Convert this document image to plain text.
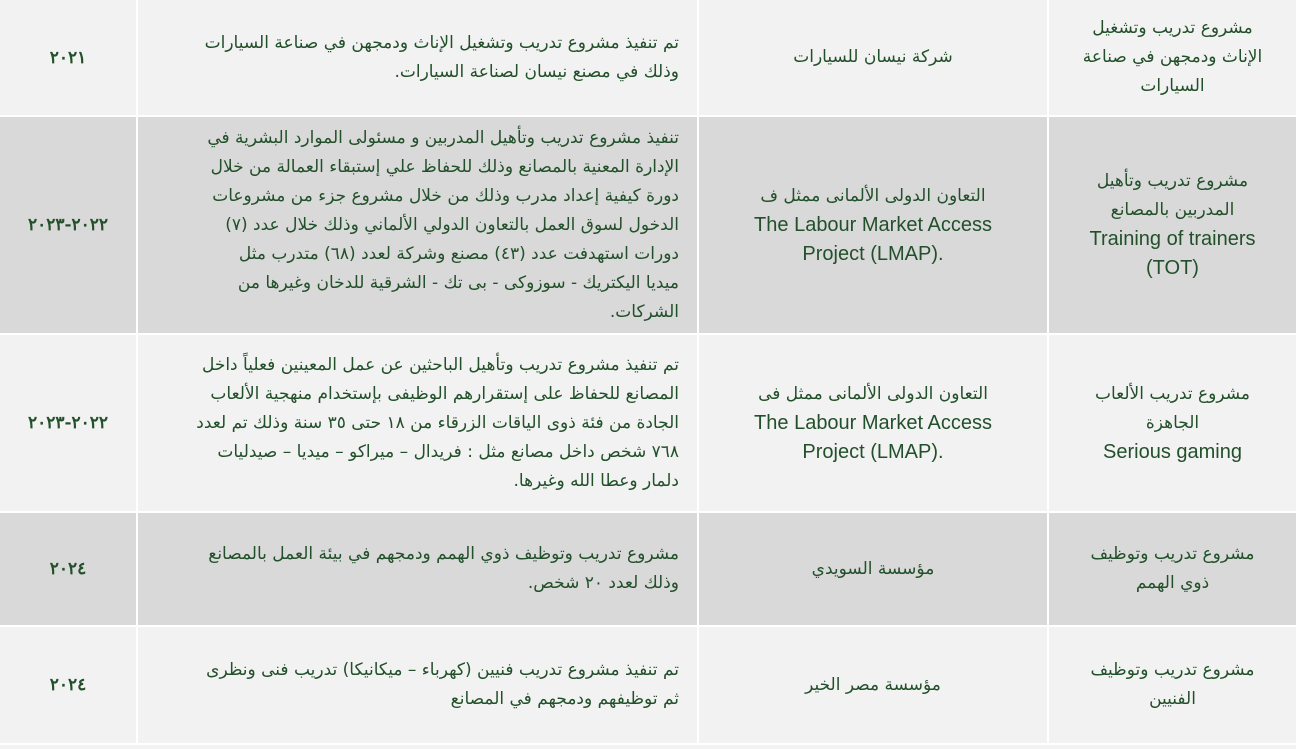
٢٠٢١
تم تنفيذ مشروع تدريب وتشغيل الإناث ودمجهن في صناعة السيارات
وذلك في مصنع نيسان لصناعة السيارات.
شركة نيسان للسيارات
مشروع تدريب وتشغيل
الإناث ودمجهن في صناعة
السيارات
٢٠٢٢-٢٠٢٣
تنفيذ مشروع تدريب وتأهيل المدربين و مسئولى الموارد البشرية في
الإدارة المعنية بالمصانع وذلك للحفاظ علي إستبقاء العمالة من خلال
دورة كيفية إعداد مدرب وذلك من خلال مشروع جزء من مشروعات
الدخول لسوق العمل بالتعاون الدولي الألماني وذلك خلال عدد (٧)
دورات استهدفت عدد (٤٣) مصنع وشركة لعدد (٦٨) متدرب مثل
ميديا اليكتريك - سوزوكى - بى تك - الشرقية للدخان وغيرها من
الشركات.
التعاون الدولى الألمانى ممثل ف
The Labour Market Access
Project (LMAP).
مشروع تدريب وتأهيل
المدربين بالمصانع
Training of trainers
(TOT)
٢٠٢٢-٢٠٢٣
تم تنفيذ مشروع تدريب وتأهيل الباحثين عن عمل المعينين فعلياً داخل
المصانع للحفاظ على إستقرارهم الوظيفى بإستخدام منهجية الألعاب
الجادة من فئة ذوى الياقات الزرقاء من ١٨ حتى ٣٥ سنة وذلك تم لعدد
٧٦٨ شخص داخل مصانع مثل : فريدال – ميراكو – ميديا – صيدليات
دلمار وعطا الله وغيرها.
التعاون الدولى الألمانى ممثل فى
The Labour Market Access
Project (LMAP).
مشروع تدريب الألعاب
الجاهزة
Serious gaming
٢٠٢٤
مشروع تدريب وتوظيف ذوي الهمم ودمجهم في بيئة العمل بالمصانع
وذلك لعدد ٢٠ شخص.
مؤسسة السويدي
مشروع تدريب وتوظيف
ذوي الهمم
٢٠٢٤
تم تنفيذ مشروع تدريب فنيين (كهرباء – ميكانيكا) تدريب فنى ونظرى
ثم توظيفهم ودمجهم في المصانع
مؤسسة مصر الخير
مشروع تدريب وتوظيف
الفنيين
